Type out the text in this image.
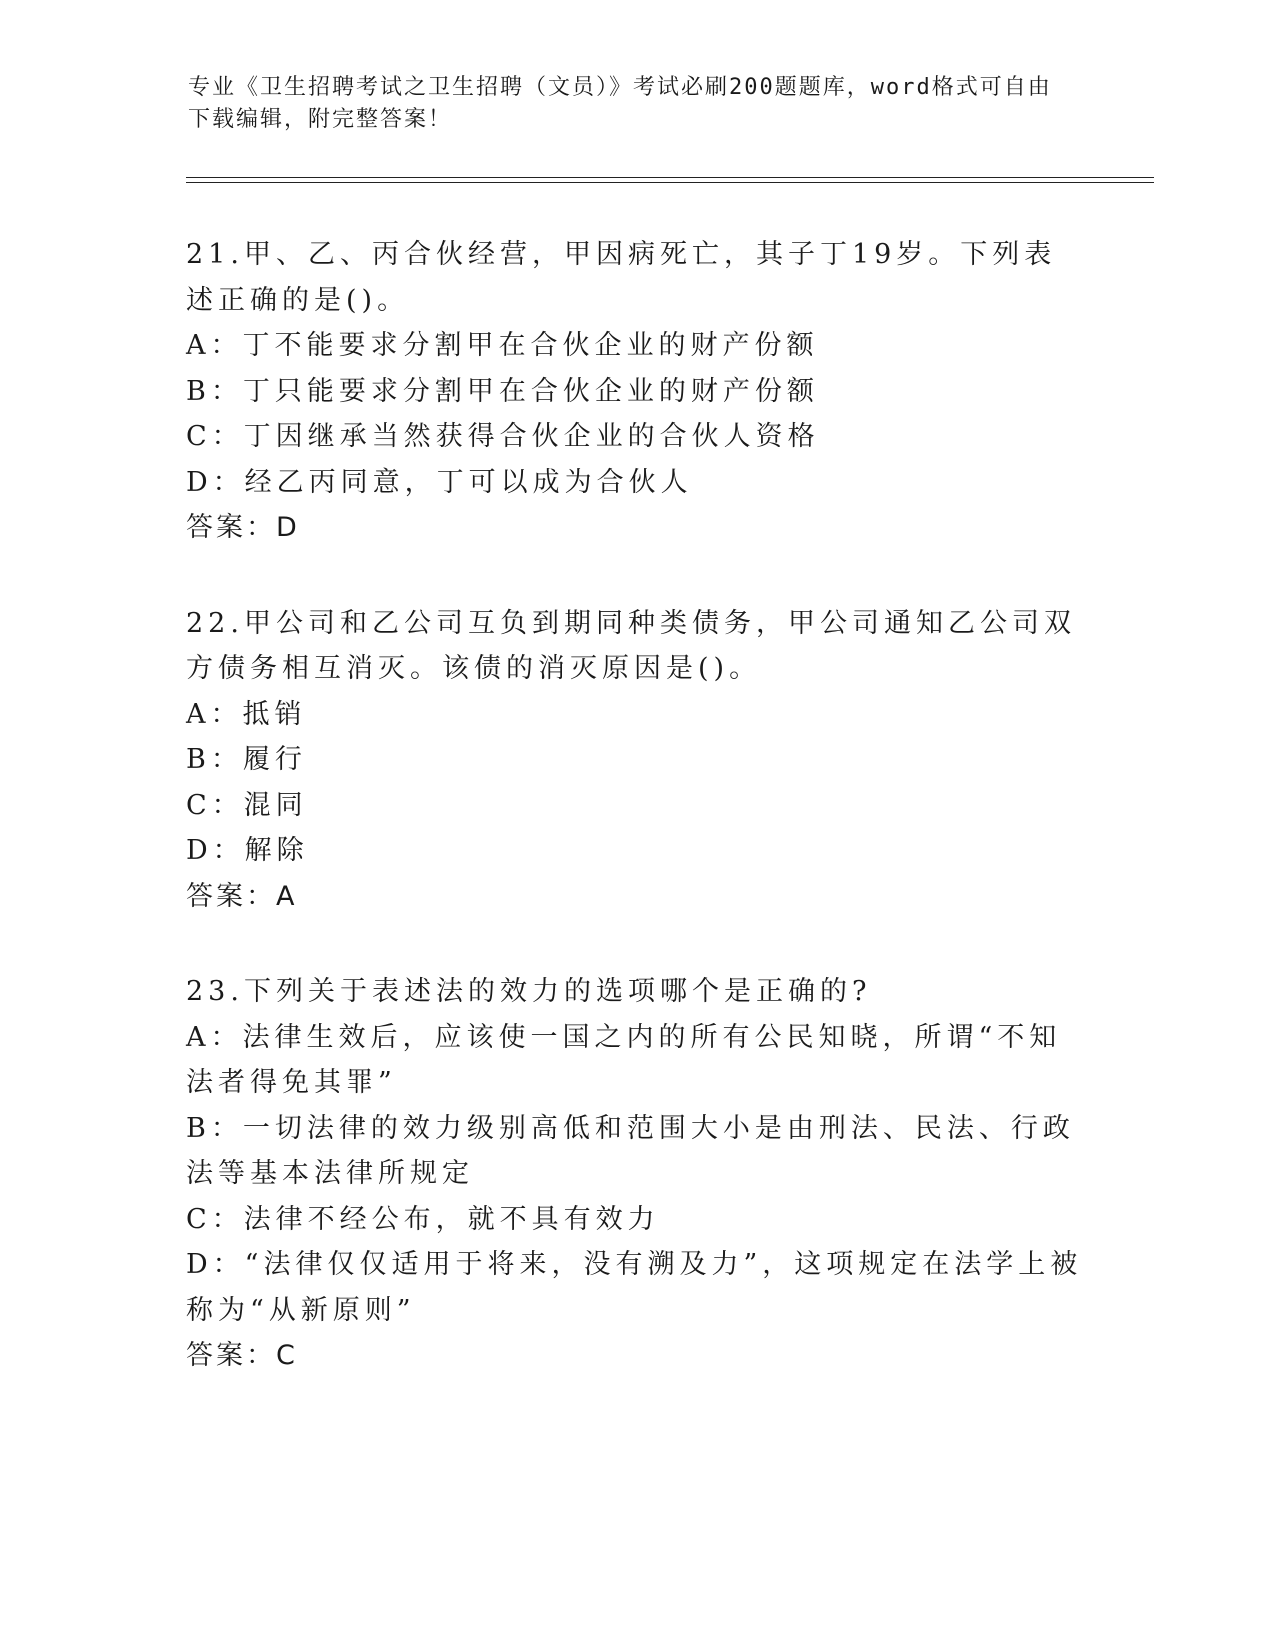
专业《卫生招聘考试之卫生招聘（文员）》考试必刷200题题库，word格式可自由下载编辑，附完整答案！
21.甲、乙、丙合伙经营，甲因病死亡，其子丁19岁。下列表述正确的是()。
A：丁不能要求分割甲在合伙企业的财产份额
B：丁只能要求分割甲在合伙企业的财产份额
C：丁因继承当然获得合伙企业的合伙人资格
D：经乙丙同意，丁可以成为合伙人
答案：D
22.甲公司和乙公司互负到期同种类债务，甲公司通知乙公司双方债务相互消灭。该债的消灭原因是()。
A：抵销
B：履行
C：混同
D：解除
答案：A
23.下列关于表述法的效力的选项哪个是正确的?
A：法律生效后，应该使一国之内的所有公民知晓，所谓“不知法者得免其罪”
B：一切法律的效力级别高低和范围大小是由刑法、民法、行政法等基本法律所规定
C：法律不经公布，就不具有效力
D：“法律仅仅适用于将来，没有溯及力”，这项规定在法学上被称为“从新原则”
答案：C
